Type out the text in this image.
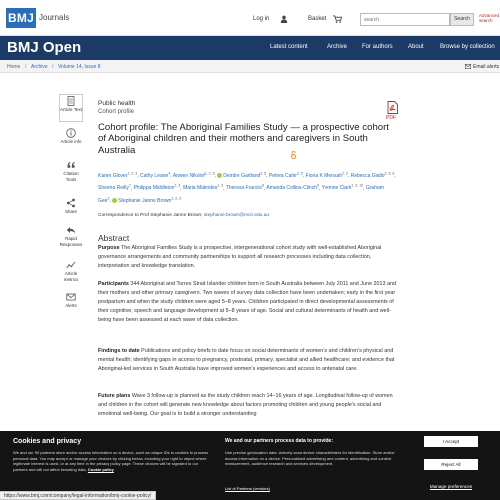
BMJ Journals	Log in	Basket
search	Search
Advanced search
BMJ Open	Latest content	Archive For authors	About	Browse by collection
Home / Archive / Volume 14, Issue 8	Email alerts
Article Text
Article info
Citation Tools
Share
Rapid Responses
Article metrics
Alerts
Public health
Cohort profile
PDF
Cohort profile: The Aboriginal Families Study — a prospective cohort of Aboriginal children and their mothers and caregivers in South Australia
Karen Glover$^{1, 2, 3}$, Cathy Leane$^4$, Anwen Nikolof$^{1, 2, 5}$, Deirdre Gartland$^{2, 5}$, Petrea Cahir$^{2, 5}$, Fiona K Mensah$^{2, 3}$, Rebecca Giallo$^{2, 5, 6}$, Sheena Reilly$^7$, Philippa Middleton$^{1, 3}$, Maria Makrides$^{1, 3}$, Theresa Francis$^8$, Amanda Collins-Clinch$^9$, Yvonne Clark$^{1, 3, 10}$, Graham Gee$^2$, Stephanie Janne Brown$^{1, 2, 3}$
Correspondence to Prof Stephanie Janne Brown; stephanie.brown@mcri.edu.au
Abstract

Purpose The Aboriginal Families Study is a prospective, intergenerational cohort study with well-established Aboriginal governance arrangements and community partnerships to support all research processes including data collection, interpretation and knowledge translation.

Participants 344 Aboriginal and Torres Strait Islander children born in South Australia between July 2011 and June 2013 and their mothers and other primary caregivers. Two waves of survey data collection have been undertaken; early in the first year postpartum and when the study children were aged 5–8 years. Children participated in direct developmental assessments of their cognitive, speech and language development at 5–8 years of age. Social and cultural determinants of health and well-being have been assessed at each wave of data collection.

Findings to date Publications and policy briefs to date focus on social determinants of women’s and children’s physical and mental health; identifying gaps in access to pregnancy, postnatal, primary, specialist and allied healthcare; and evidence that Aboriginal-led services in South Australia have improved women’s experiences and access to antenatal care.

Future plans Wave 3 follow-up is planned as the study children reach 14–16 years of age. Longitudinal follow-up of women and children in the cohort will generate new knowledge about factors promoting children and young people’s social and emotional well-being. Our goal is to build a stronger understanding

Cookies and privacy
We and our 90 partners store and/or access information on a device, such as unique IDs in cookies to process personal data. You may accept or manage your choices by clicking below, including your right to object where legitimate interest is used, or at any time in the privacy policy page. These choices will be signaled to our partners and will not affect browsing data. Cookie policy
We and our partners process data to provide:
Use precise geolocation data. Actively scan device characteristics for identification. Store and/or access information on a device. Personalised advertising and content, advertising and content measurement, audience research and services development.
List of Partners (vendors)
I Accept
Reject All
Manage preferences
https://www.bmj.com/company/legal-information/bmj-cookie-policy/
